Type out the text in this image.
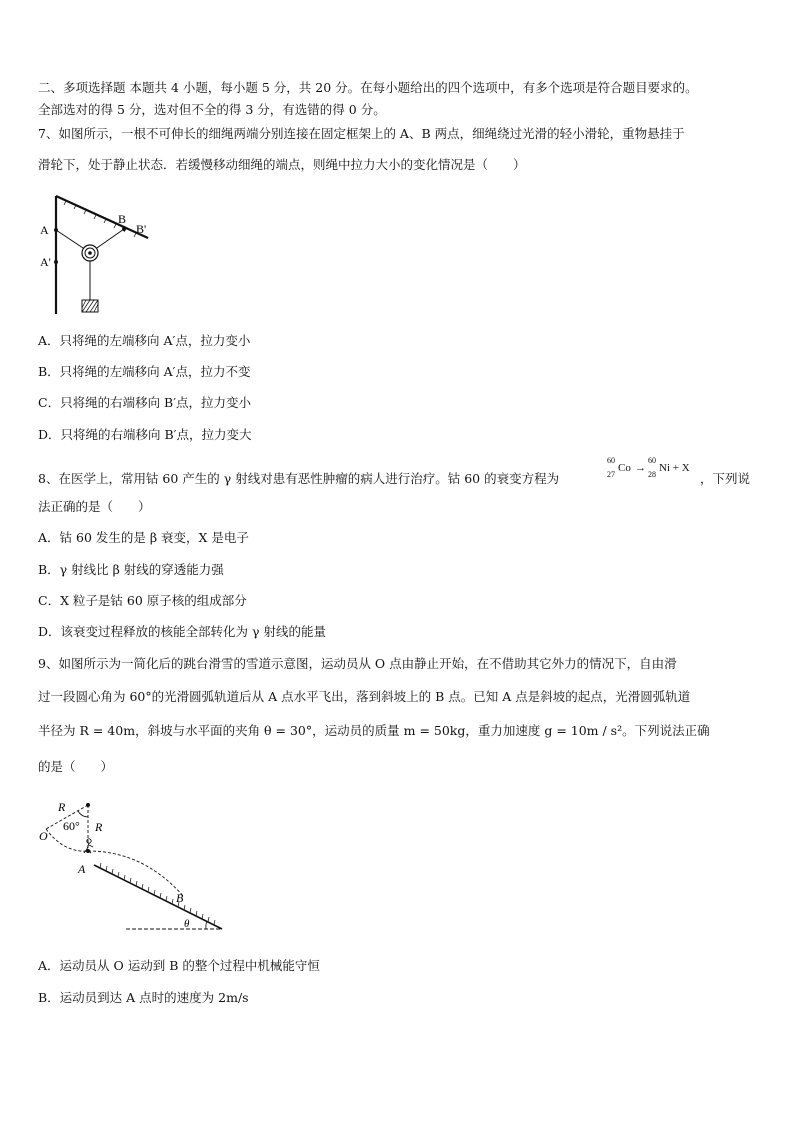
二、多项选择题 本题共 4 小题，每小题 5 分，共 20 分。在每小题给出的四个选项中，有多个选项是符合题目要求的。
全部选对的得 5 分，选对但不全的得 3 分，有选错的得 0 分。
7、如图所示，一根不可伸长的细绳两端分别连接在固定框架上的 A、B 两点，细绳绕过光滑的轻小滑轮，重物悬挂于
滑轮下，处于静止状态．若缓慢移动细绳的端点，则绳中拉力大小的变化情况是（　　）
A
A'
B
B'
A．只将绳的左端移向 A′点，拉力变小
B．只将绳的左端移向 A′点，拉力不变
C．只将绳的右端移向 B′点，拉力变小
D．只将绳的右端移向 B′点，拉力变大
8、在医学上，常用钴 60 产生的 γ 射线对患有恶性肿瘤的病人进行治疗。钴 60 的衰变方程为
60
27
Co →
60
28
Ni + X
，下列说
法正确的是（　　）
A．钴 60 发生的是 β 衰变，X 是电子
B．γ 射线比 β 射线的穿透能力强
C．X 粒子是钴 60 原子核的组成部分
D．该衰变过程释放的核能全部转化为 γ 射线的能量
9、如图所示为一简化后的跳台滑雪的雪道示意图，运动员从 O 点由静止开始，在不借助其它外力的情况下，自由滑
过一段圆心角为 60°的光滑圆弧轨道后从 A 点水平飞出，落到斜坡上的 B 点。已知 A 点是斜坡的起点，光滑圆弧轨道
半径为 R = 40m，斜坡与水平面的夹角 θ = 30°，运动员的质量 m = 50kg，重力加速度 g = 10m / s²。下列说法正确
的是（　　）
R
60° R
O
A
B
θ
A．运动员从 O 运动到 B 的整个过程中机械能守恒
B．运动员到达 A 点时的速度为 2m/s
